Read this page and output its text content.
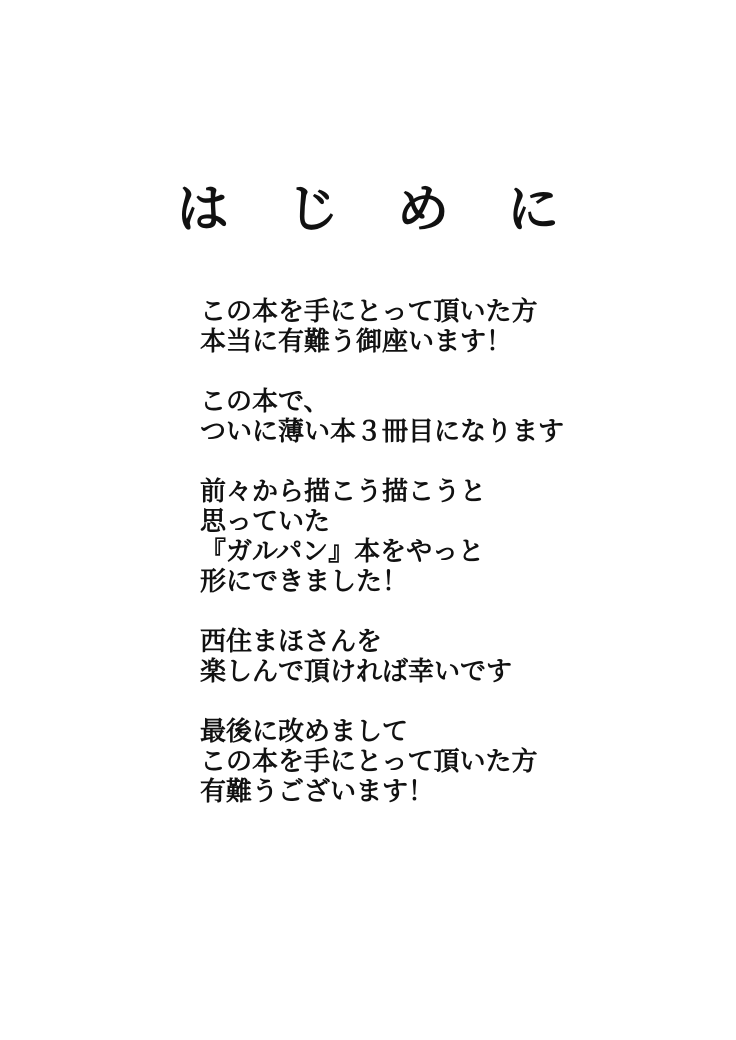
は じ め に

この本を手にとって頂いた方
本当に有難う御座います！

この本で、
ついに薄い本３冊目になります

前々から描こう描こうと
思っていた
『ガルパン』本をやっと
形にできました！

西住まほさんを
楽しんで頂ければ幸いです

最後に改めまして
この本を手にとって頂いた方
有難うございます！
